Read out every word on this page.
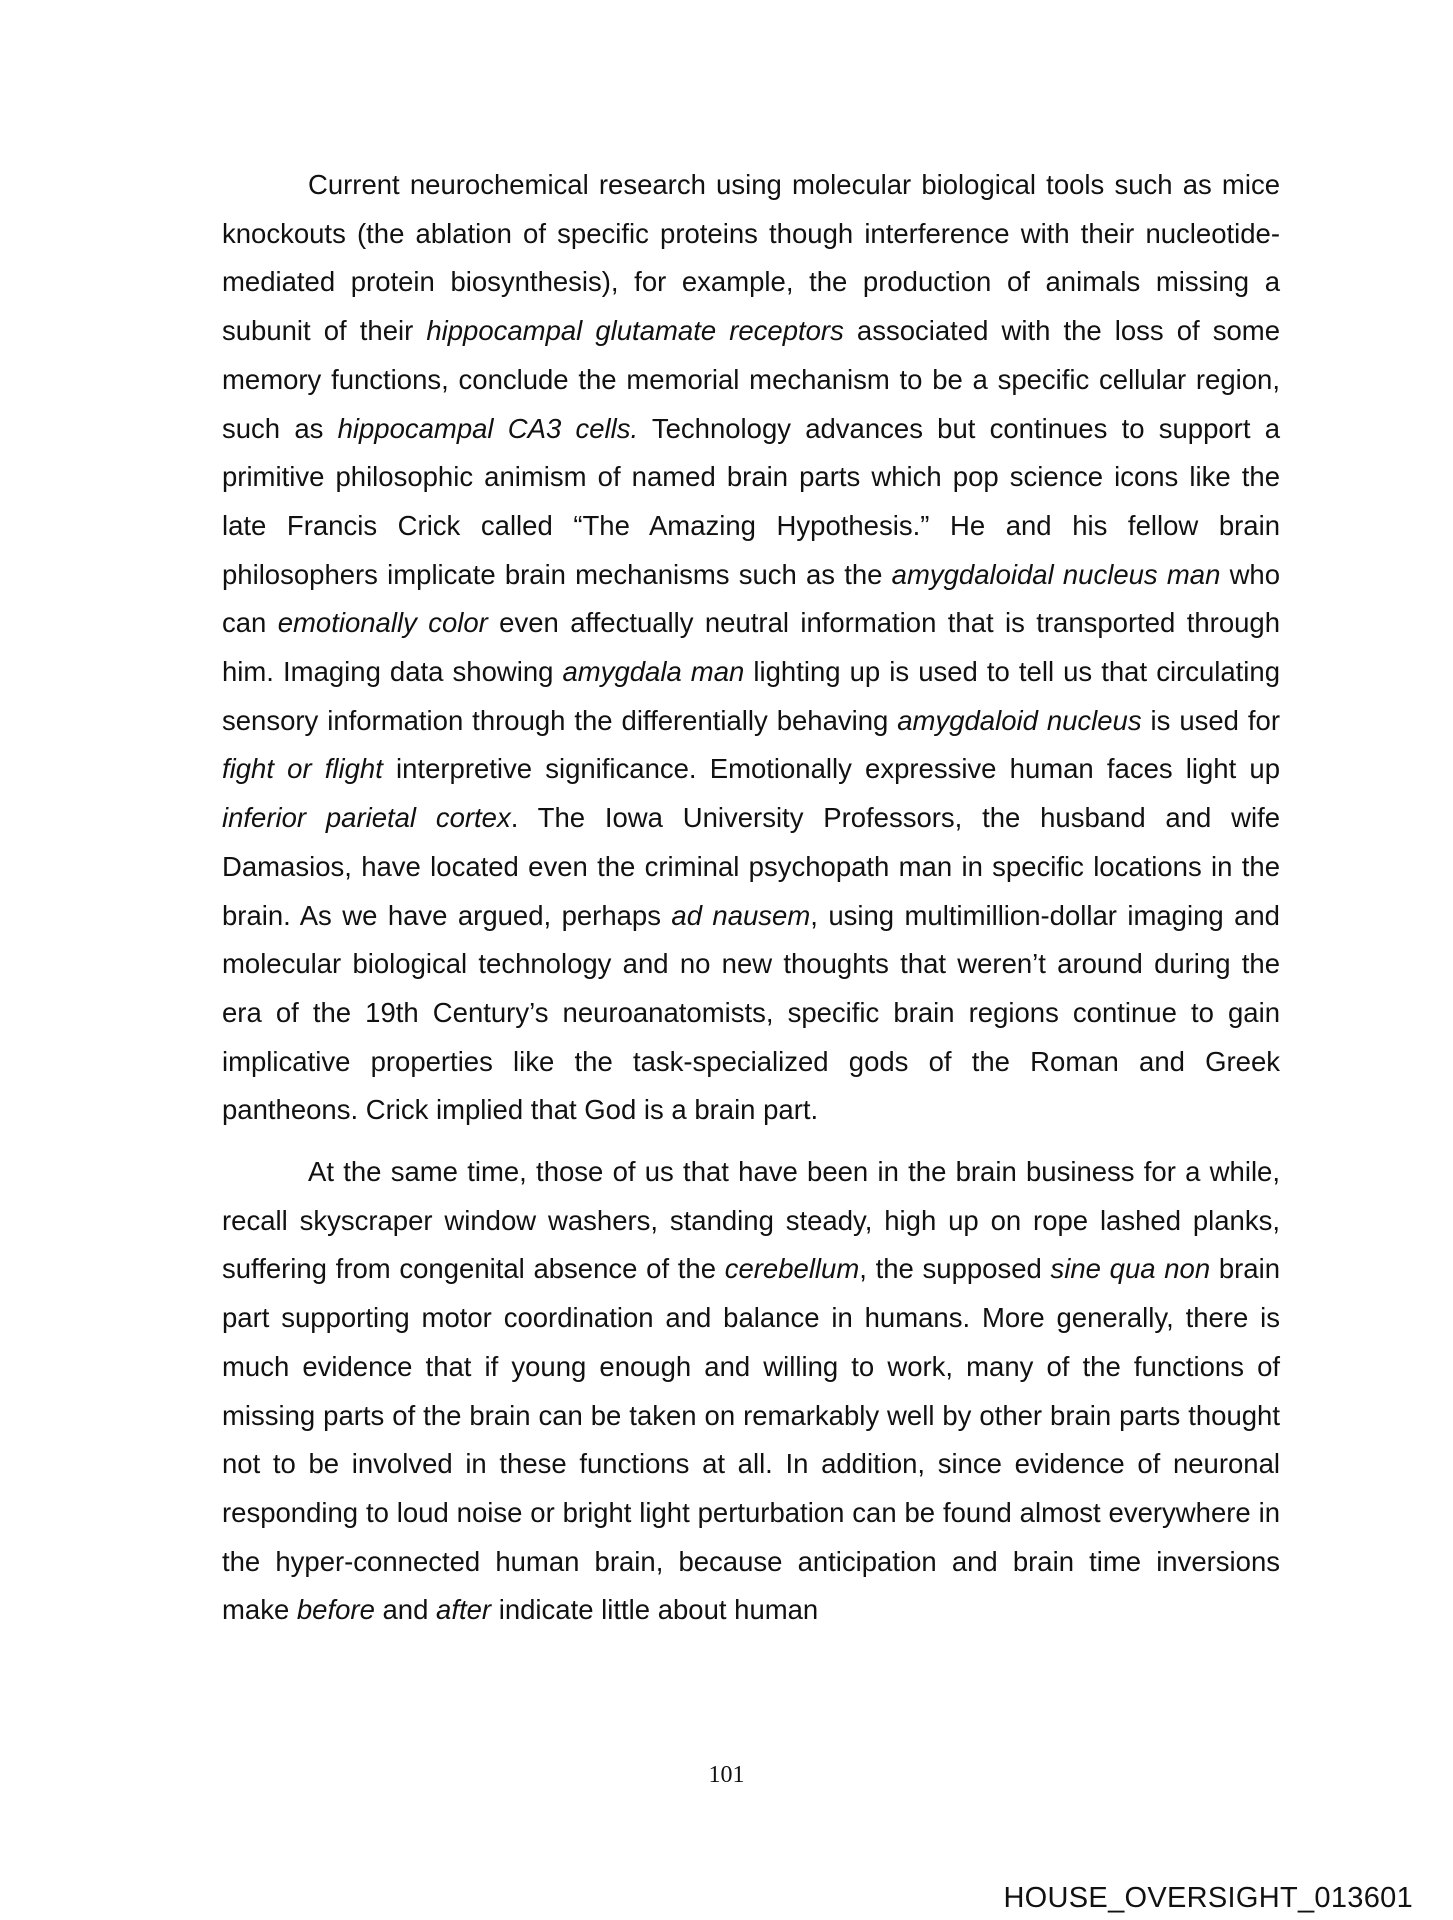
Current neurochemical research using molecular biological tools such as mice knockouts (the ablation of specific proteins though interference with their nucleotide-mediated protein biosynthesis), for example, the production of animals missing a subunit of their hippocampal glutamate receptors associated with the loss of some memory functions, conclude the memorial mechanism to be a specific cellular region, such as hippocampal CA3 cells. Technology advances but continues to support a primitive philosophic animism of named brain parts which pop science icons like the late Francis Crick called “The Amazing Hypothesis.” He and his fellow brain philosophers implicate brain mechanisms such as the amygdaloidal nucleus man who can emotionally color even affectually neutral information that is transported through him. Imaging data showing amygdala man lighting up is used to tell us that circulating sensory information through the differentially behaving amygdaloid nucleus is used for fight or flight interpretive significance. Emotionally expressive human faces light up inferior parietal cortex. The Iowa University Professors, the husband and wife Damasios, have located even the criminal psychopath man in specific locations in the brain. As we have argued, perhaps ad nausem, using multimillion-dollar imaging and molecular biological technology and no new thoughts that weren’t around during the era of the 19th Century’s neuroanatomists, specific brain regions continue to gain implicative properties like the task-specialized gods of the Roman and Greek pantheons. Crick implied that God is a brain part.

At the same time, those of us that have been in the brain business for a while, recall skyscraper window washers, standing steady, high up on rope lashed planks, suffering from congenital absence of the cerebellum, the supposed sine qua non brain part supporting motor coordination and balance in humans. More generally, there is much evidence that if young enough and willing to work, many of the functions of missing parts of the brain can be taken on remarkably well by other brain parts thought not to be involved in these functions at all. In addition, since evidence of neuronal responding to loud noise or bright light perturbation can be found almost everywhere in the hyper-connected human brain, because anticipation and brain time inversions make before and after indicate little about human

101
HOUSE_OVERSIGHT_013601
